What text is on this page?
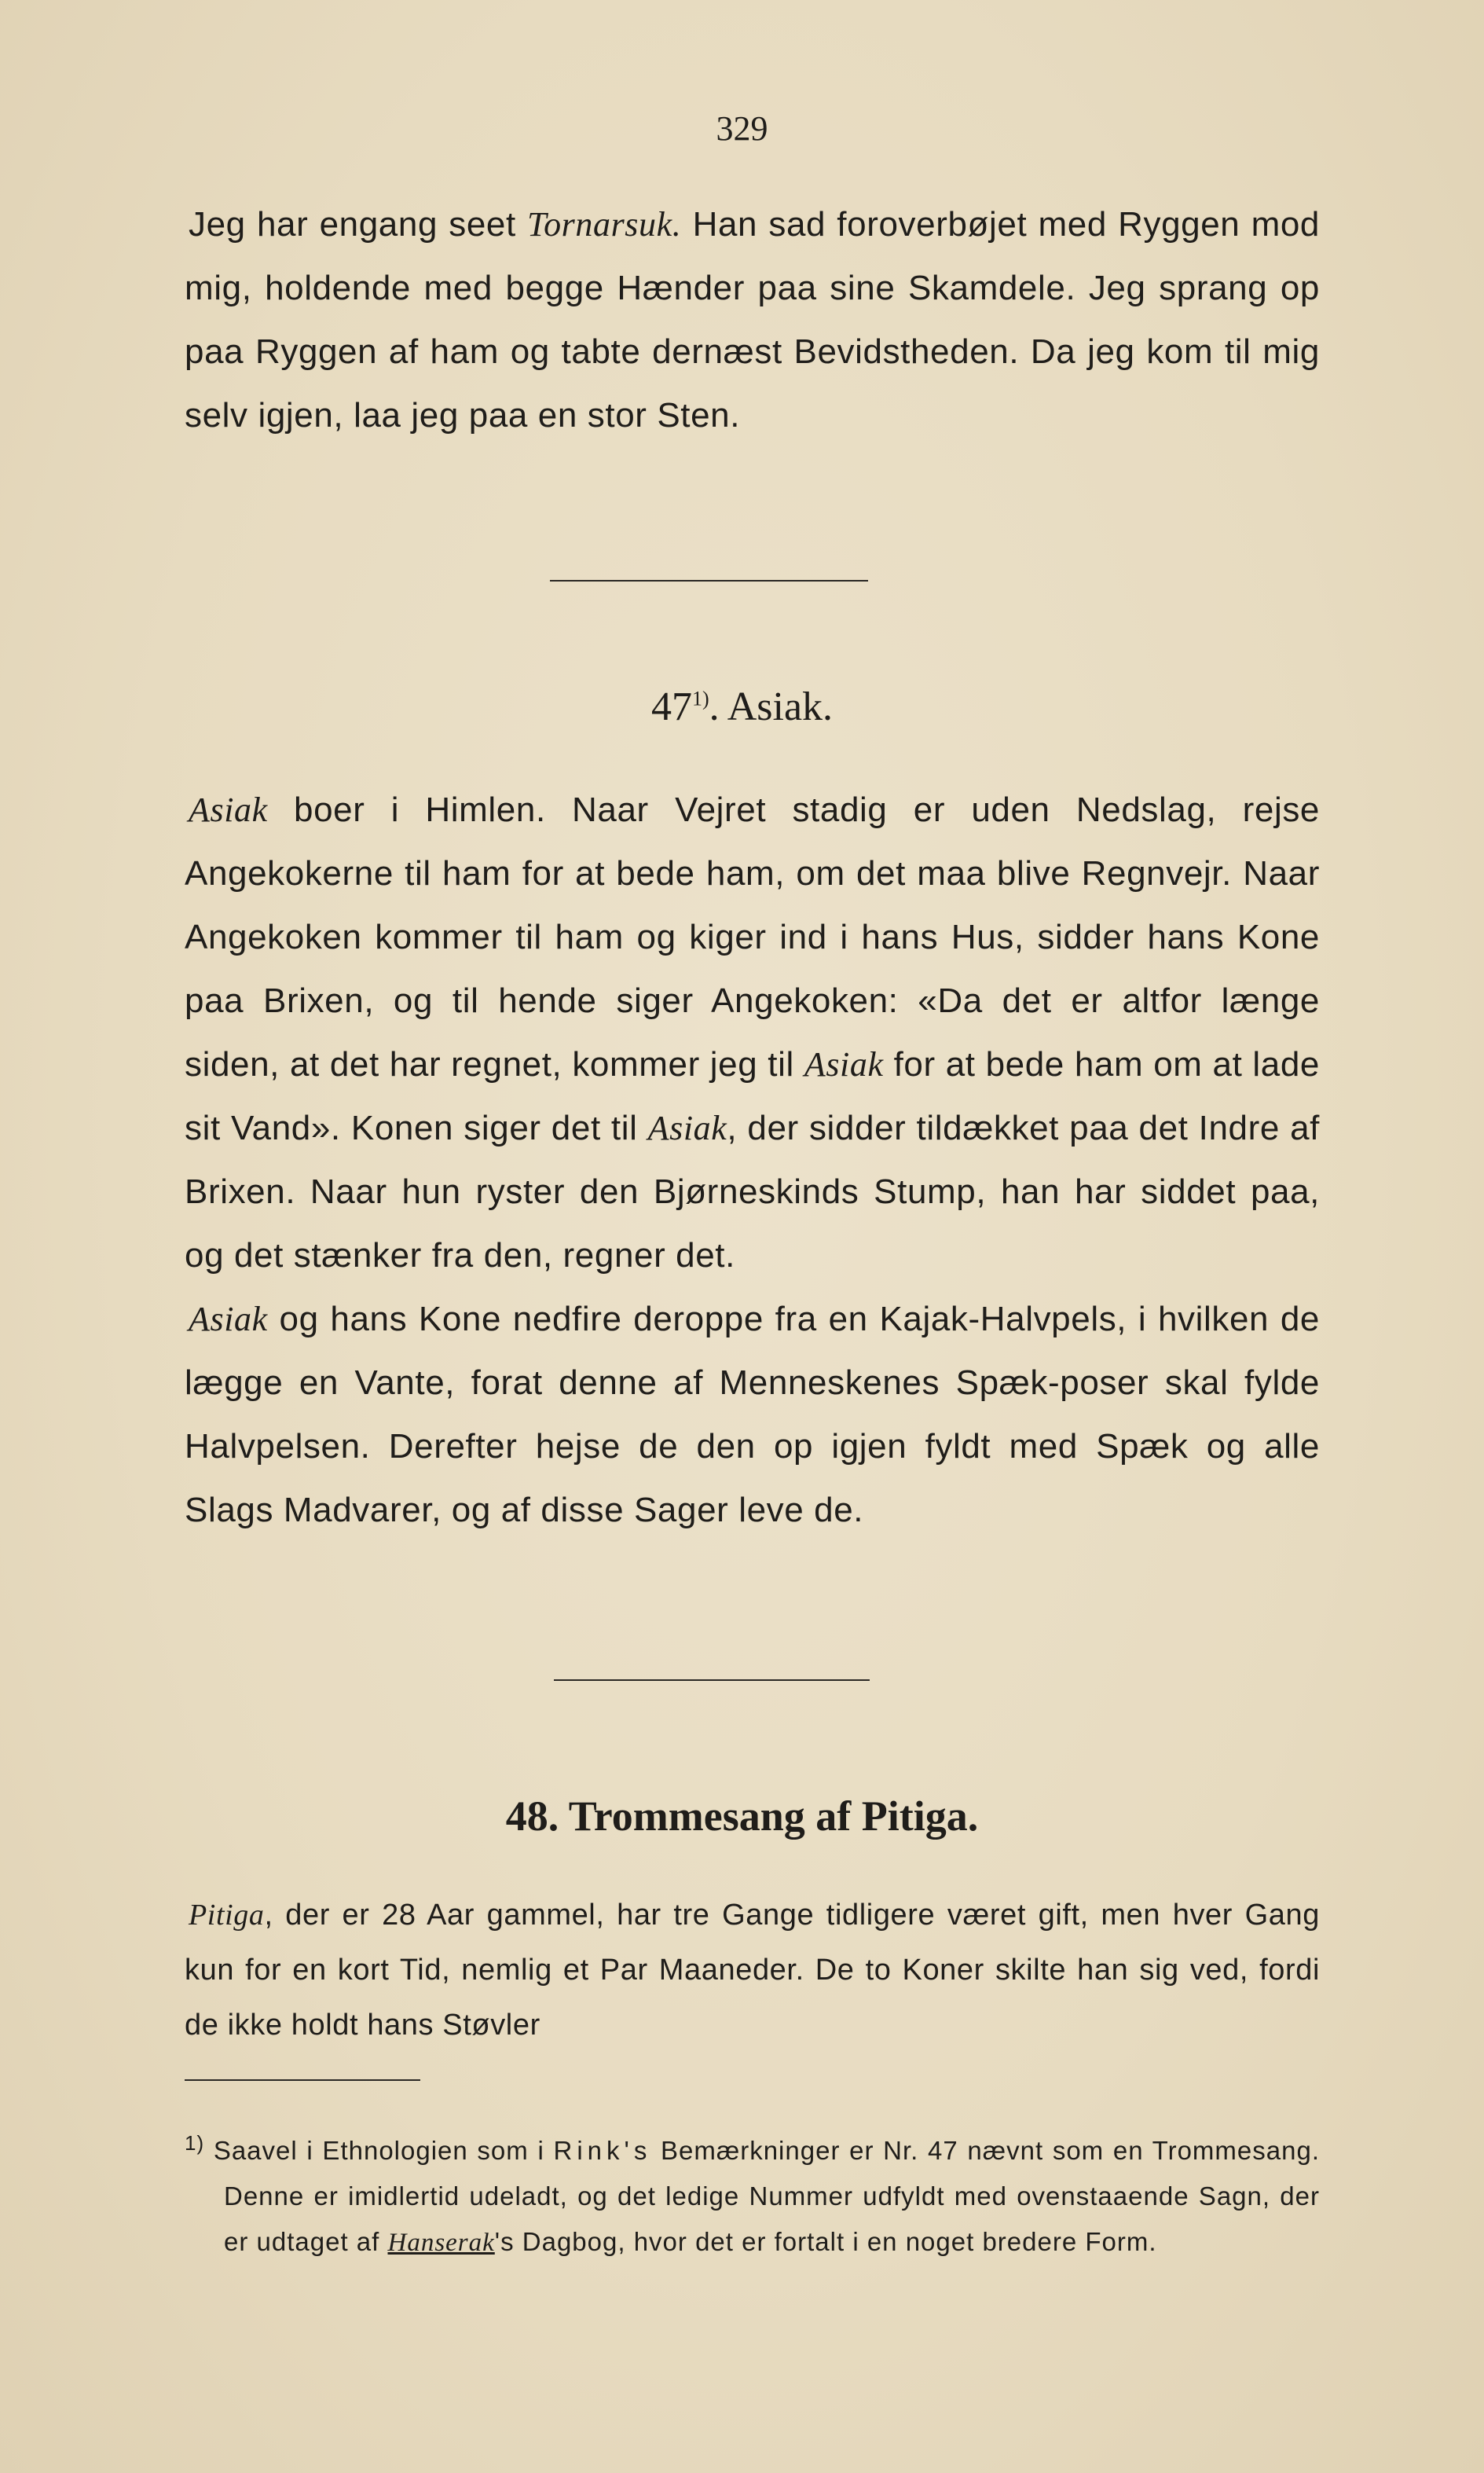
329

Jeg har engang seet Tornarsuk. Han sad foroverbøjet med Ryggen mod mig, holdende med begge Hænder paa sine Skamdele. Jeg sprang op paa Ryggen af ham og tabte dernæst Bevidstheden. Da jeg kom til mig selv igjen, laa jeg paa en stor Sten.

47$^{1)}$. Asiak.

Asiak boer i Himlen. Naar Vejret stadig er uden Nedslag, rejse Angekokerne til ham for at bede ham, om det maa blive Regnvejr. Naar Angekoken kommer til ham og kiger ind i hans Hus, sidder hans Kone paa Brixen, og til hende siger Angekoken: «Da det er altfor længe siden, at det har regnet, kommer jeg til Asiak for at bede ham om at lade sit Vand». Konen siger det til Asiak, der sidder tildækket paa det Indre af Brixen. Naar hun ryster den Bjørneskinds Stump, han har siddet paa, og det stænker fra den, regner det.

Asiak og hans Kone nedfire deroppe fra en Kajak-Halvpels, i hvilken de lægge en Vante, forat denne af Menneskenes Spæk-poser skal fylde Halvpelsen. Derefter hejse de den op igjen fyldt med Spæk og alle Slags Madvarer, og af disse Sager leve de.

48. Trommesang af Pitiga.

Pitiga, der er 28 Aar gammel, har tre Gange tidligere været gift, men hver Gang kun for en kort Tid, nemlig et Par Maaneder. De to Koner skilte han sig ved, fordi de ikke holdt hans Støvler

$^{1)}$ Saavel i Ethnologien som i Rink's Bemærkninger er Nr. 47 nævnt som en Trommesang. Denne er imidlertid udeladt, og det ledige Nummer udfyldt med ovenstaaende Sagn, der er udtaget af Hanserak's Dagbog, hvor det er fortalt i en noget bredere Form.
